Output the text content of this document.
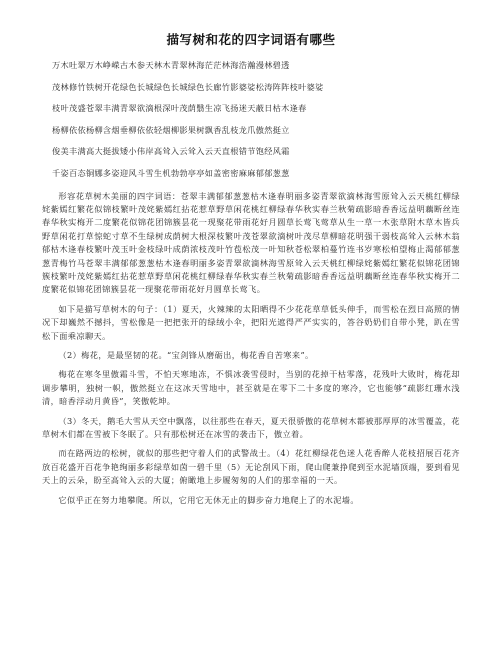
描写树和花的四字词语有哪些
万木吐翠万木峥嵘古木参天林木青翠林海茫茫林海浩瀚漫林碧透
茂林修竹铁树开花绿色长城绿色长城绿色长廊竹影婆娑松涛阵阵枝叶婆娑
枝叶茂盛苍翠丰满青翠欲滴根深叶茂荫翳生凉飞扬迷天蔽日枯木逢春
杨柳依依杨柳含烟垂柳依依轻烟柳影果树飘香乱枝龙爪傲然挺立
俊美丰满高大挺拔矮小伟岸高耸入云耸入云天直根错节饱经风霜
千姿百态铜娜多姿迎风斗雪生机勃勃亭亭如盖密密麻麻郁郁葱葱

形容花草树木美丽的四字词语：苍翠丰满郁郁葱葱枯木逢春明丽多姿青翠欲滴林海雪原耸入云天桃红柳绿姹紫嫣红繁花似锦枝繁叶茂姹紫嫣红拈花惹草野草闲花桃红柳绿春华秋实春兰秋菊疏影暗香香远益明藕断丝连春华秋实梅开二度繁花似锦花团锦簇昙花一现聚花带雨花好月圆草长莺飞莺草从生一草一木张草附木草木皆兵野草闲花打草惊蛇寸草不生绿树成荫树大根深枝繁叶茂苍翠欲滴树叶茂尽草柳暗花明强干弱枝高耸入云林木翁郁枯木逢春枝繁叶茂玉叶金枝绿叶成荫浓枝茂叶竹苞松茂一叶知秋苍松翠柏蔓竹连书岁寒松柏望梅止渴郁郁葱葱青梅竹马苍翠丰满郁郁葱葱枯木逢春明丽多姿青翠欲滴林海雪原耸入云天桃红柳绿姹紫嫣红繁花似锦花团锦簇枝繁叶茂姹紫嫣红拈花惹草野草闲花桃红柳绿春华秋实春兰秋菊疏影暗香香远益明藕断丝连春华秋实梅开二度繁花似锦花团锦簇昙花一现聚花带雨花好月圆草长莺飞。

如下是描写草树木的句子：（1）夏天，火辣辣的太阳晒得不少花花草草低头伸手，而雪松在烈日高照的情况下却巍然不撼抖，雪松像是一把把张开的绿绒小伞，把阳光遮得严严实实的，答谷奶奶们自带小凳，趴在雪松下面乘凉聊天。

（2）梅花，是最坚韧的花。“宝剑锋从磨砺出，梅花香自苦寒来”。

梅花在寒冬里傲霜斗雪，不怕天寒地冻，不惧冰袭雪侵时，当别的花掉干枯零落，花残叶大败时，梅花却调步攀明，独树一帜，傲然挺立在这冰天雪地中，甚至就是在零下二十多度的寒冷，它也能够“疏影红珊水浅清，暗香浮动月黄昏”，笑傲乾坤。

（3）冬天，鹅毛大雪从天空中飘落，以往那些在春天，夏天很骄傲的花草树木都被那厚厚的冰雪覆盖，花草树木们都在雪被下冬眠了。只有那松树还在冰雪的袭击下，傲立着。

而在路两边的松树，就似的那些把守着人们的武警战士。（4）花红柳绿花色迷人花香醉人花枝招展百花齐放百花盛开百花争艳绚丽多彩绿草如茵一碧千里（5）无论刮风下雨，爬山爬兼挣爬到至水泥墙顶端，要到看见天上的云朵，盼至高耸入云的大厦；俯瞰地上步履匆匆的人们的那幸福的一天。

它似乎正在努力地攀爬。所以，它用它无休无止的脚步奋力地爬上了的水泥墙。
